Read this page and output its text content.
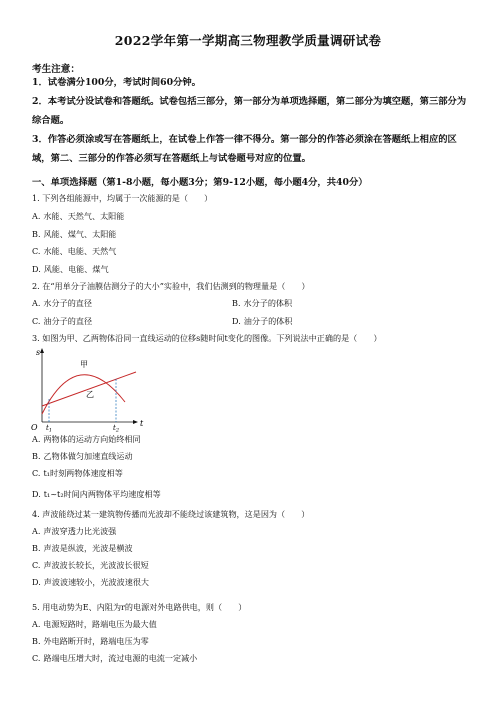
2022学年第一学期高三物理教学质量调研试卷
考生注意：
1．试卷满分100分，考试时间60分钟。
2．本考试分设试卷和答题纸。试卷包括三部分，第一部分为单项选择题，第二部分为填空题，第三部分为综合题。
3．作答必须涂或写在答题纸上，在试卷上作答一律不得分。第一部分的作答必须涂在答题纸上相应的区域，第二、三部分的作答必须写在答题纸上与试卷题号对应的位置。
一、单项选择题（第1-8小题，每小题3分；第9-12小题，每小题4分，共40分）
1. 下列各组能源中，均属于一次能源的是（　　）
A. 水能、天然气、太阳能
B. 风能、煤气、太阳能
C. 水能、电能、天然气
D. 风能、电能、煤气
2. 在“用单分子油膜估测分子的大小”实验中，我们估测到的物理量是（　　）
A. 水分子的直径	B. 水分子的体积
C. 油分子的直径	D. 油分子的体积
3. 如图为甲、乙两物体沿同一直线运动的位移s随时间t变化的图像。下列说法中正确的是（　　）
s
t
O
甲
乙
$t_1$	$t_2$
A. 两物体的运动方向始终相同
B. 乙物体做匀加速直线运动
C. t₁时刻两物体速度相等
D. t₁~t₂时间内两物体平均速度相等
4. 声波能绕过某一建筑物传播而光波却不能绕过该建筑物，这是因为（　　）
A. 声波穿透力比光波强
B. 声波是纵波，光波是横波
C. 声波波长较长，光波波长很短
D. 声波波速较小，光波波速很大
5. 用电动势为E、内阻为r的电源对外电路供电，则（　　）
A. 电源短路时，路端电压为最大值
B. 外电路断开时，路端电压为零
C. 路端电压增大时，流过电源的电流一定减小
